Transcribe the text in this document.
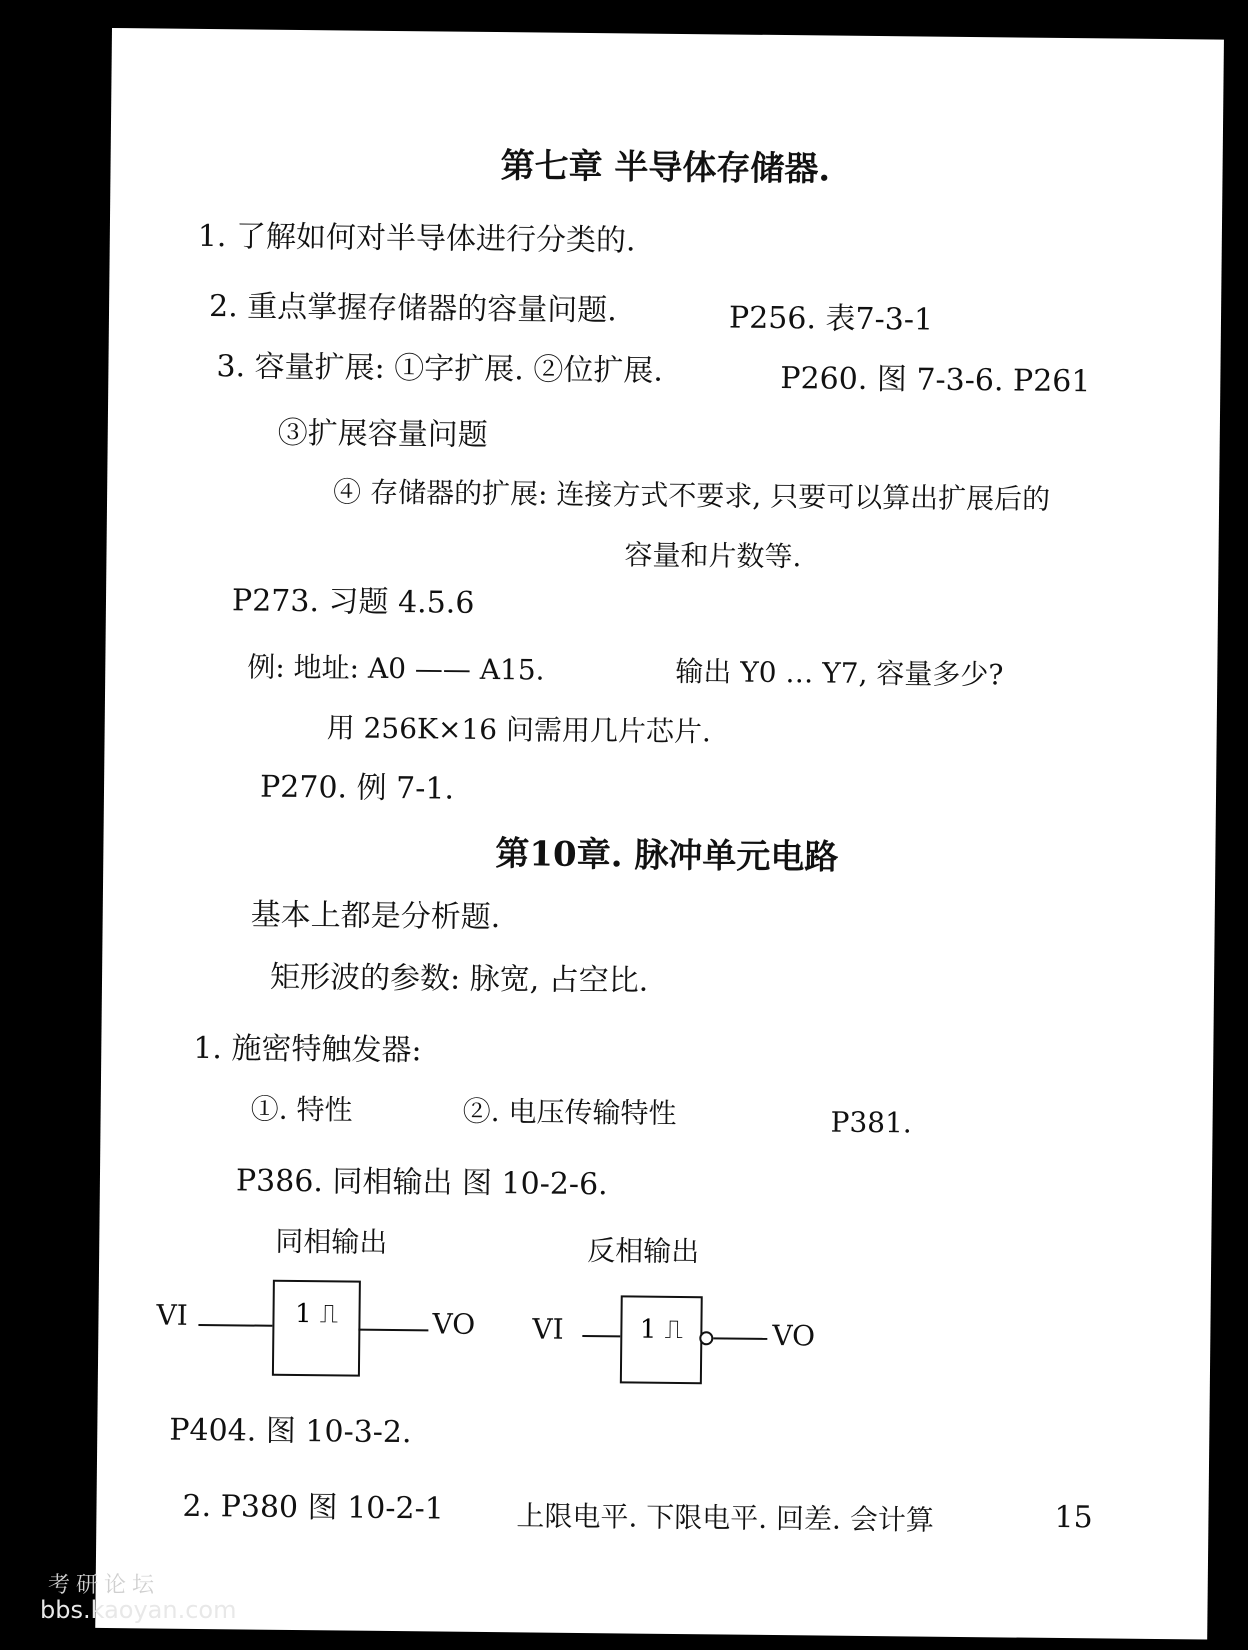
第七章 半导体存储器.
1. 了解如何对半导体进行分类的.
2. 重点掌握存储器的容量问题.	P256. 表7-3-1
3. 容量扩展: ①字扩展. ②位扩展.	P260. 图 7-3-6. P261
③扩展容量问题
④ 存储器的扩展: 连接方式不要求, 只要可以算出扩展后的
容量和片数等.
P273. 习题 4.5.6
例: 地址: A0 —— A15.	输出 Y0 … Y7, 容量多少?
用 256K×16 问需用几片芯片.
P270. 例 7-1.
第10章. 脉冲单元电路
基本上都是分析题.
矩形波的参数: 脉宽, 占空比.
1. 施密特触发器:
①. 特性	②. 电压传输特性	P381.
P386. 同相输出 图 10-2-6.
同相输出	反相输出
VI	1 ⎍	VO VI	1 ⎍	VO
P404. 图 10-3-2.
2. P380 图 10-2-1	上限电平. 下限电平. 回差. 会计算	15
考研论坛
bbs.kaoyan.com
